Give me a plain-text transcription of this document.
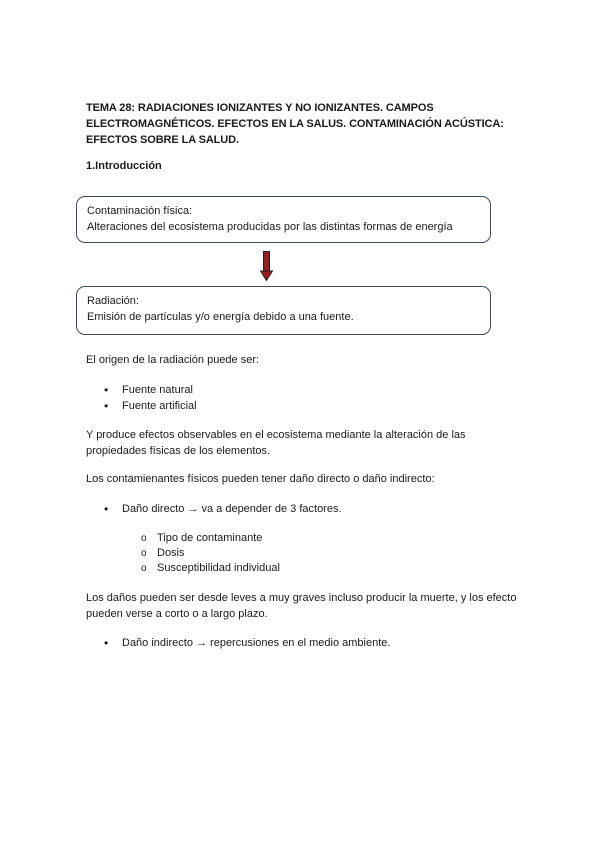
TEMA 28: RADIACIONES IONIZANTES Y NO IONIZANTES. CAMPOS ELECTROMAGNÉTICOS. EFECTOS EN LA SALUS. CONTAMINACIÓN ACÚSTICA: EFECTOS SOBRE LA SALUD.
1.Introducción
Contaminación física:
Alteraciones del ecosistema producidas por las distintas formas de energía
Radiación:
Emisión de partículas y/o energía debido a una fuente.
El origen de la radiación puede ser:
• Fuente natural
• Fuente artificial
Y produce efectos observables en el ecosistema mediante la alteración de las propiedades físicas de los elementos.
Los contamienantes físicos pueden tener daño directo o daño indirecto:
• Daño directo → va a depender de 3 factores.
o Tipo de contaminante
o Dosis
o Susceptibilidad individual
Los daños pueden ser desde leves a muy graves incluso producir la muerte, y los efecto pueden verse a corto o a largo plazo.
• Daño indirecto → repercusiones en el medio ambiente.
